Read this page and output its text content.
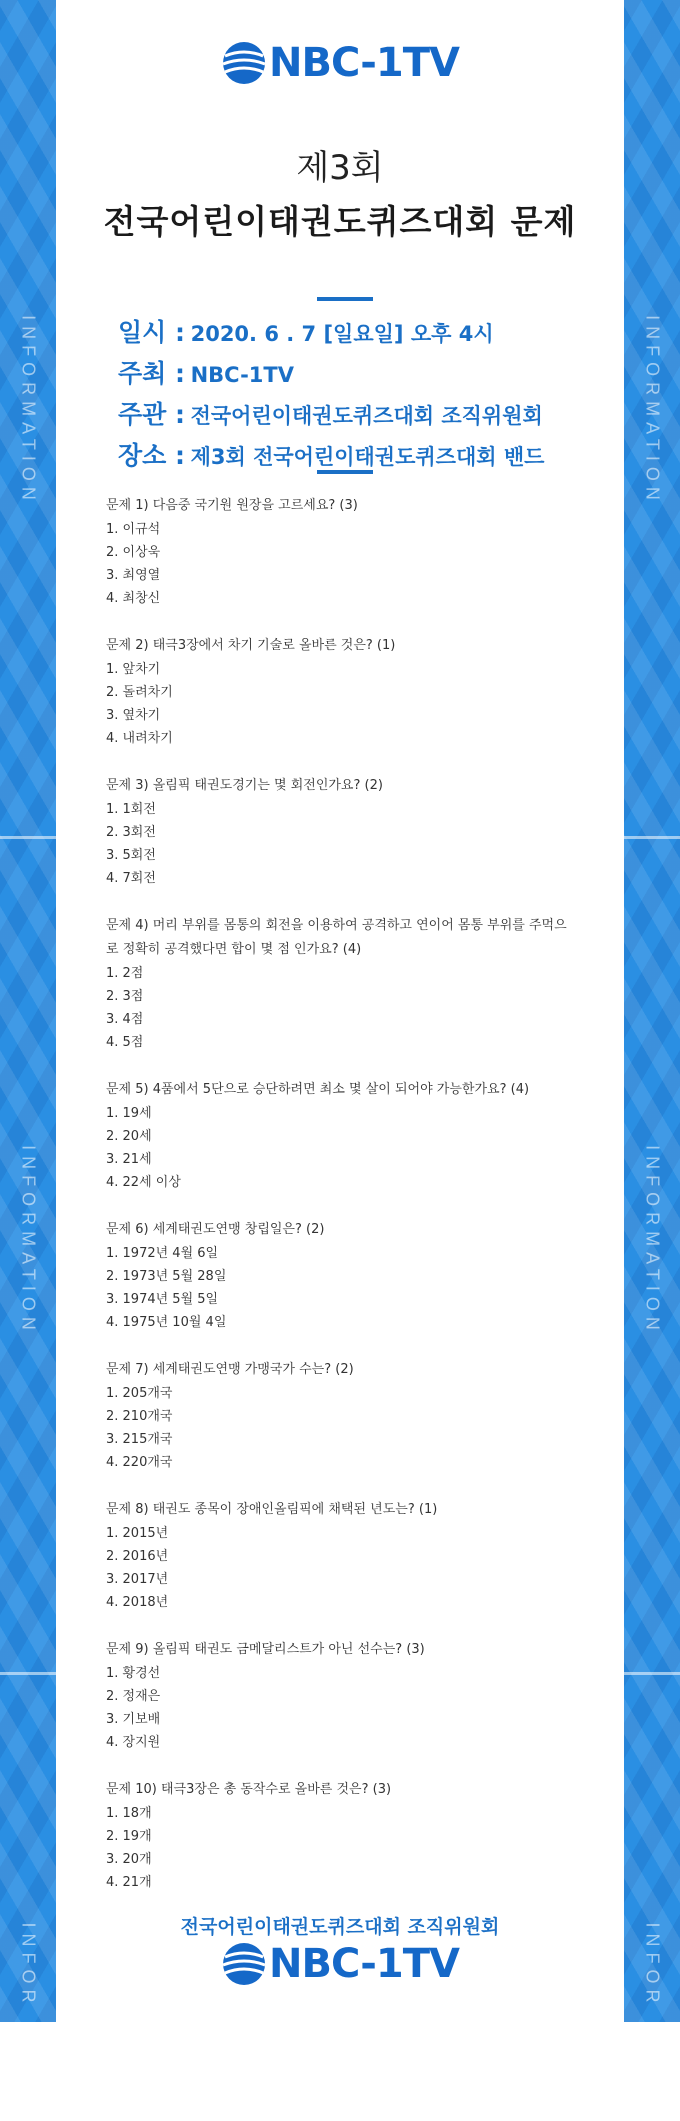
INFORMATION
INFORMATION
INFOR
INFORMATION
INFORMATION
INFOR
NBC-1TV
제3회
전국어린이태권도퀴즈대회 문제
일시 : 2020. 6 . 7 [일요일] 오후 4시
주최 : NBC-1TV
주관 : 전국어린이태권도퀴즈대회 조직위원회
장소 : 제3회 전국어린이태권도퀴즈대회 밴드
문제 1) 다음중 국기원 원장을 고르세요? (3)
1. 이규석
2. 이상욱
3. 최영열
4. 최창신
문제 2) 태극3장에서 차기 기술로 올바른 것은? (1)
1. 앞차기
2. 돌려차기
3. 옆차기
4. 내려차기
문제 3) 올림픽 태권도경기는 몇 회전인가요? (2)
1. 1회전
2. 3회전
3. 5회전
4. 7회전
문제 4) 머리 부위를 몸통의 회전을 이용하여 공격하고 연이어 몸통 부위를 주먹으로 정확히 공격했다면 합이 몇 점 인가요? (4)
1. 2점
2. 3점
3. 4점
4. 5점
문제 5) 4품에서 5단으로 승단하려면 최소 몇 살이 되어야 가능한가요? (4)
1. 19세
2. 20세
3. 21세
4. 22세 이상
문제 6) 세계태권도연맹 창립일은? (2)
1. 1972년 4월 6일
2. 1973년 5월 28일
3. 1974년 5월 5일
4. 1975년 10월 4일
문제 7) 세계태권도연맹 가맹국가 수는? (2)
1. 205개국
2. 210개국
3. 215개국
4. 220개국
문제 8) 태권도 종목이 장애인올림픽에 채택된 년도는? (1)
1. 2015년
2. 2016년
3. 2017년
4. 2018년
문제 9) 올림픽 태권도 금메달리스트가 아닌 선수는? (3)
1. 황경선
2. 정재은
3. 기보배
4. 장지원
문제 10) 태극3장은 총 동작수로 올바른 것은? (3)
1. 18개
2. 19개
3. 20개
4. 21개
전국어린이태권도퀴즈대회 조직위원회
NBC-1TV
